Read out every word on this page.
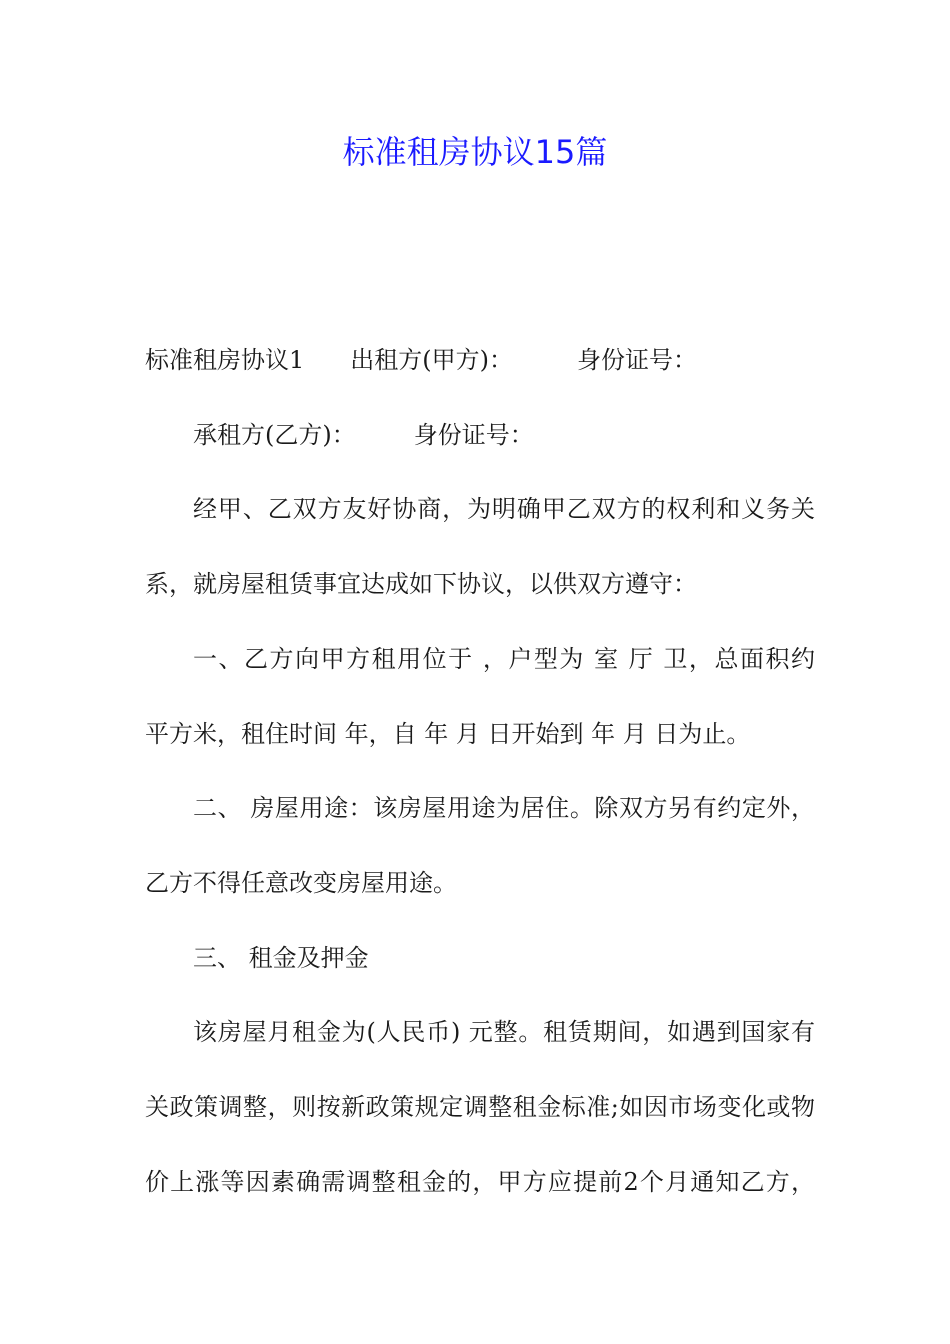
标准租房协议15篇
标准租房协议1 出租方(甲方)：	身份证号：
承租方(乙方)： 身份证号：
经甲、乙双方友好协商，为明确甲乙双方的权利和义务关
系，就房屋租赁事宜达成如下协议，以供双方遵守：
一、乙方向甲方租用位于 ，户型为 室 厅 卫，总面积约
平方米，租住时间 年，自 年 月 日开始到 年 月 日为止。
二、 房屋用途：该房屋用途为居住。除双方另有约定外，
乙方不得任意改变房屋用途。
三、 租金及押金
该房屋月租金为(人民币) 元整。租赁期间，如遇到国家有
关政策调整，则按新政策规定调整租金标准;如因市场变化或物
价上涨等因素确需调整租金的，甲方应提前2个月通知乙方，
